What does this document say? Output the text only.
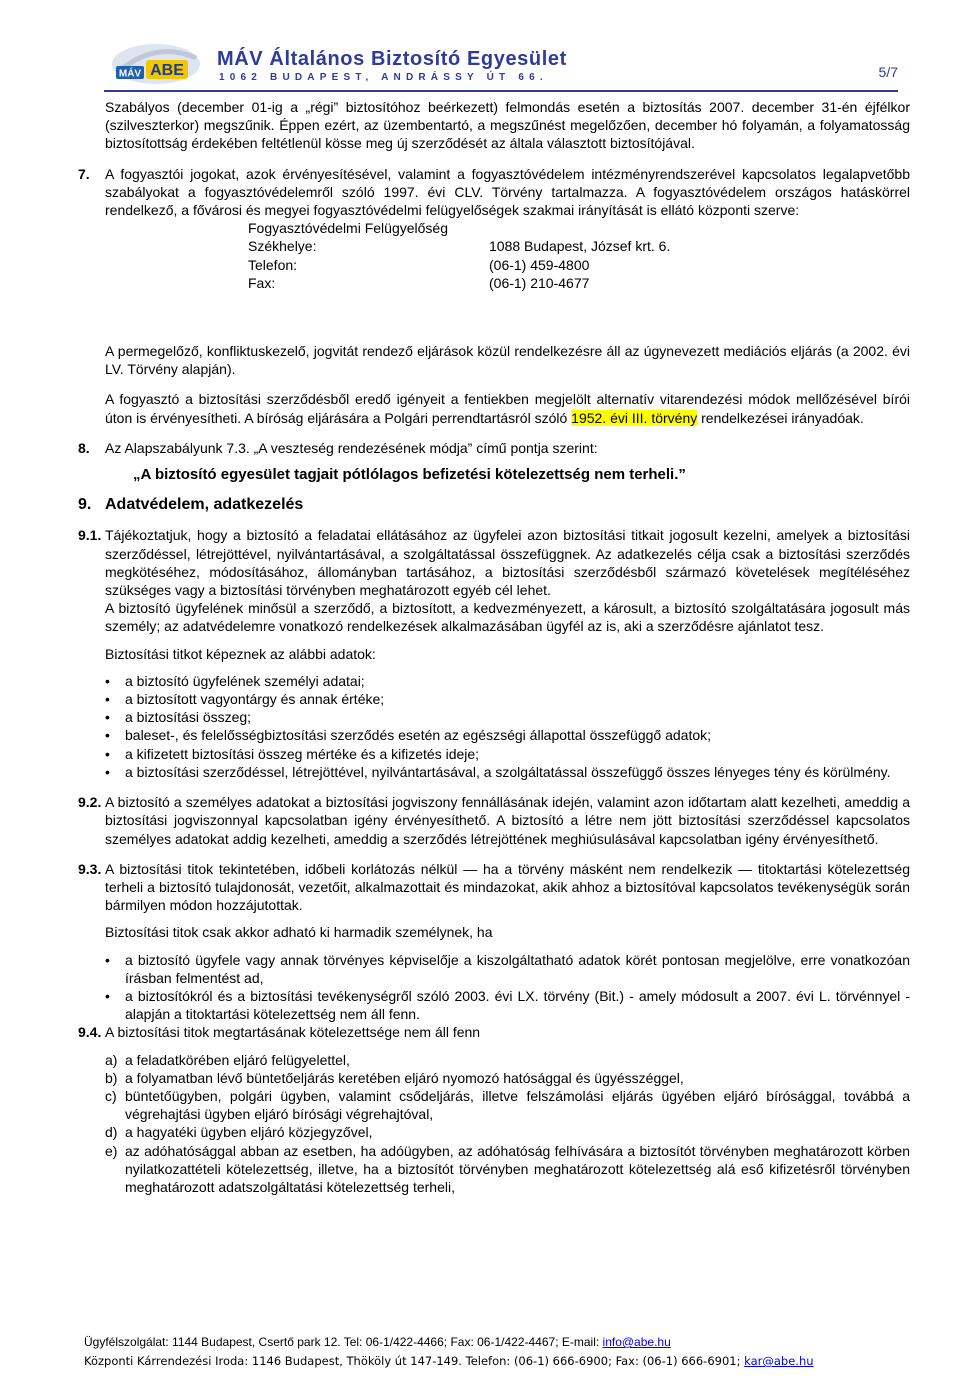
MÁV ABE
MÁV Általános Biztosító Egyesület
1062 BUDAPEST, ANDRÁSSY ÚT 66.	5/7

Szabályos (december 01-ig a „régi” biztosítóhoz beérkezett) felmondás esetén a biztosítás 2007. december 31-én éjfélkor (szilveszterkor) megszűnik. Éppen ezért, az üzembentartó, a megszűnést megelőzően, december hó folyamán, a folyamatosság biztosítottság érdekében feltétlenül kösse meg új szerződését az általa választott biztosítójával.

7. A fogyasztói jogokat, azok érvényesítésével, valamint a fogyasztóvédelem intézményrendszerével kapcsolatos legalapvetőbb szabályokat a fogyasztóvédelemről szóló 1997. évi CLV. Törvény tartalmazza. A fogyasztóvédelem országos hatáskörrel rendelkező, a fővárosi és megyei fogyasztóvédelmi felügyelőségek szakmai irányítását is ellátó központi szerve:

Fogyasztóvédelmi Felügyelőség
Székhelye:	1088 Budapest, József krt. 6.
Telefon:	(06-1) 459-4800
Fax:	(06-1) 210-4677

A permegelőző, konfliktuskezelő, jogvitát rendező eljárások közül rendelkezésre áll az úgynevezett mediációs eljárás (a 2002. évi LV. Törvény alapján).

A fogyasztó a biztosítási szerződésből eredő igényeit a fentiekben megjelölt alternatív vitarendezési módok mellőzésével bírói úton is érvényesítheti. A bíróság eljárására a Polgári perrendtartásról szóló 1952. évi III. törvény rendelkezései irányadóak.

8. Az Alapszabályunk 7.3. „A veszteség rendezésének módja” című pontja szerint:

„A biztosító egyesület tagjait pótlólagos befizetési kötelezettség nem terheli.”

9. Adatvédelem, adatkezelés
9.1. Tájékoztatjuk, hogy a biztosító a feladatai ellátásához az ügyfelei azon biztosítási titkait jogosult kezelni, amelyek a biztosítási szerződéssel, létrejöttével, nyilvántartásával, a szolgáltatással összefüggnek. Az adatkezelés célja csak a biztosítási szerződés megkötéséhez, módosításához, állományban tartásához, a biztosítási szerződésből származó követelések megítéléséhez szükséges vagy a biztosítási törvényben meghatározott egyéb cél lehet.

A biztosító ügyfelének minősül a szerződő, a biztosított, a kedvezményezett, a károsult, a biztosító szolgáltatására jogosult más személy; az adatvédelemre vonatkozó rendelkezések alkalmazásában ügyfél az is, aki a szerződésre ajánlatot tesz.

Biztosítási titkot képeznek az alábbi adatok:

• a biztosító ügyfelének személyi adatai;
• a biztosított vagyontárgy és annak értéke;
• a biztosítási összeg;
• baleset-, és felelősségbiztosítási szerződés esetén az egészségi állapottal összefüggő adatok;
• a kifizetett biztosítási összeg mértéke és a kifizetés ideje;
• a biztosítási szerződéssel, létrejöttével, nyilvántartásával, a szolgáltatással összefüggő összes lényeges tény és körülmény.
9.2. A biztosító a személyes adatokat a biztosítási jogviszony fennállásának idején, valamint azon időtartam alatt kezelheti, ameddig a biztosítási jogviszonnyal kapcsolatban igény érvényesíthető. A biztosító a létre nem jött biztosítási szerződéssel kapcsolatos személyes adatokat addig kezelheti, ameddig a szerződés létrejöttének meghiúsulásával kapcsolatban igény érvényesíthető.

9.3. A biztosítási titok tekintetében, időbeli korlátozás nélkül — ha a törvény másként nem rendelkezik — titoktartási kötelezettség terheli a biztosító tulajdonosát, vezetőit, alkalmazottait és mindazokat, akik ahhoz a biztosítóval kapcsolatos tevékenységük során bármilyen módon hozzájutottak.

Biztosítási titok csak akkor adható ki harmadik személynek, ha

• a biztosító ügyfele vagy annak törvényes képviselője a kiszolgáltatható adatok körét pontosan megjelölve, erre vonatkozóan írásban felmentést ad,
• a biztosítókról és a biztosítási tevékenységről szóló 2003. évi LX. törvény (Bit.) - amely módosult a 2007. évi L. törvénnyel - alapján a titoktartási kötelezettség nem áll fenn.
9.4. A biztosítási titok megtartásának kötelezettsége nem áll fenn

a) a feladatkörében eljáró felügyelettel,
b) a folyamatban lévő büntetőeljárás keretében eljáró nyomozó hatósággal és ügyésszéggel,
c) büntetőügyben, polgári ügyben, valamint csődeljárás, illetve felszámolási eljárás ügyében eljáró bírósággal, továbbá a végrehajtási ügyben eljáró bírósági végrehajtóval,
d) a hagyatéki ügyben eljáró közjegyzővel,
e) az adóhatósággal abban az esetben, ha adóügyben, az adóhatóság felhívására a biztosítót törvényben meghatározott körben nyilatkozattételi kötelezettség, illetve, ha a biztosítót törvényben meghatározott kötelezettség alá eső kifizetésről törvényben meghatározott adatszolgáltatási kötelezettség terheli,
Ügyfélszolgálat: 1144 Budapest, Csertő park 12. Tel: 06-1/422-4466; Fax: 06-1/422-4467; E-mail: info@abe.hu
Központi Kárrendezési Iroda: 1146 Budapest, Thököly út 147-149. Telefon: (06-1) 666-6900; Fax: (06-1) 666-6901; kar@abe.hu
